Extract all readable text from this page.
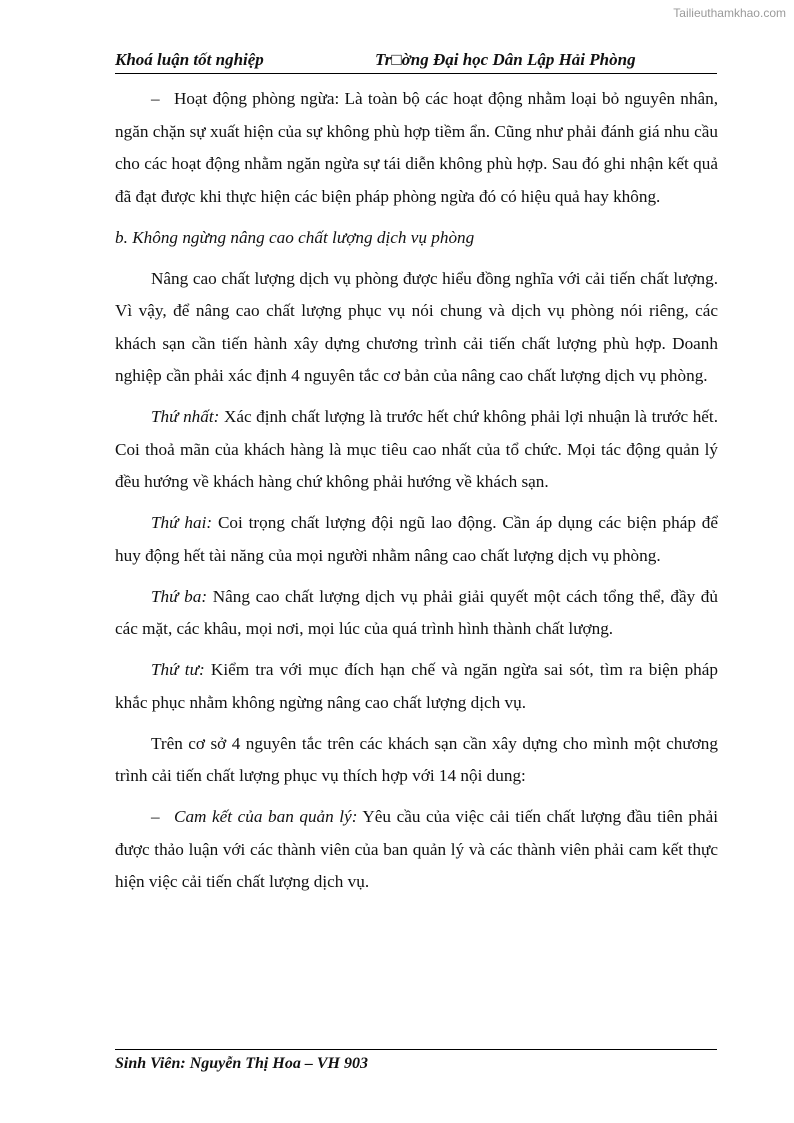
Tailieuthamkhao.com
Khoá luận tốt nghiệp	Tr□ờng Đại học Dân Lập Hải Phòng

– Hoạt động phòng ngừa: Là toàn bộ các hoạt động nhằm loại bỏ nguyên nhân, ngăn chặn sự xuất hiện của sự không phù hợp tiềm ẩn. Cũng như phải đánh giá nhu cầu cho các hoạt động nhằm ngăn ngừa sự tái diễn không phù hợp. Sau đó ghi nhận kết quả đã đạt được khi thực hiện các biện pháp phòng ngừa đó có hiệu quả hay không.

b. Không ngừng nâng cao chất lượng dịch vụ phòng

Nâng cao chất lượng dịch vụ phòng được hiểu đồng nghĩa với cải tiến chất lượng. Vì vậy, để nâng cao chất lượng phục vụ nói chung và dịch vụ phòng nói riêng, các khách sạn cần tiến hành xây dựng chương trình cải tiến chất lượng phù hợp. Doanh nghiệp cần phải xác định 4 nguyên tắc cơ bản của nâng cao chất lượng dịch vụ phòng.

Thứ nhất: Xác định chất lượng là trước hết chứ không phải lợi nhuận là trước hết. Coi thoả mãn của khách hàng là mục tiêu cao nhất của tổ chức. Mọi tác động quản lý đều hướng về khách hàng chứ không phải hướng về khách sạn.

Thứ hai: Coi trọng chất lượng đội ngũ lao động. Cần áp dụng các biện pháp để huy động hết tài năng của mọi người nhằm nâng cao chất lượng dịch vụ phòng.

Thứ ba: Nâng cao chất lượng dịch vụ phải giải quyết một cách tổng thể, đầy đủ các mặt, các khâu, mọi nơi, mọi lúc của quá trình hình thành chất lượng.

Thứ tư: Kiểm tra với mục đích hạn chế và ngăn ngừa sai sót, tìm ra biện pháp khắc phục nhằm không ngừng nâng cao chất lượng dịch vụ.

Trên cơ sở 4 nguyên tắc trên các khách sạn cần xây dựng cho mình một chương trình cải tiến chất lượng phục vụ thích hợp với 14 nội dung:

– Cam kết của ban quản lý: Yêu cầu của việc cải tiến chất lượng đầu tiên phải được thảo luận với các thành viên của ban quản lý và các thành viên phải cam kết thực hiện việc cải tiến chất lượng dịch vụ.

Sinh Viên: Nguyễn Thị Hoa – VH 903
